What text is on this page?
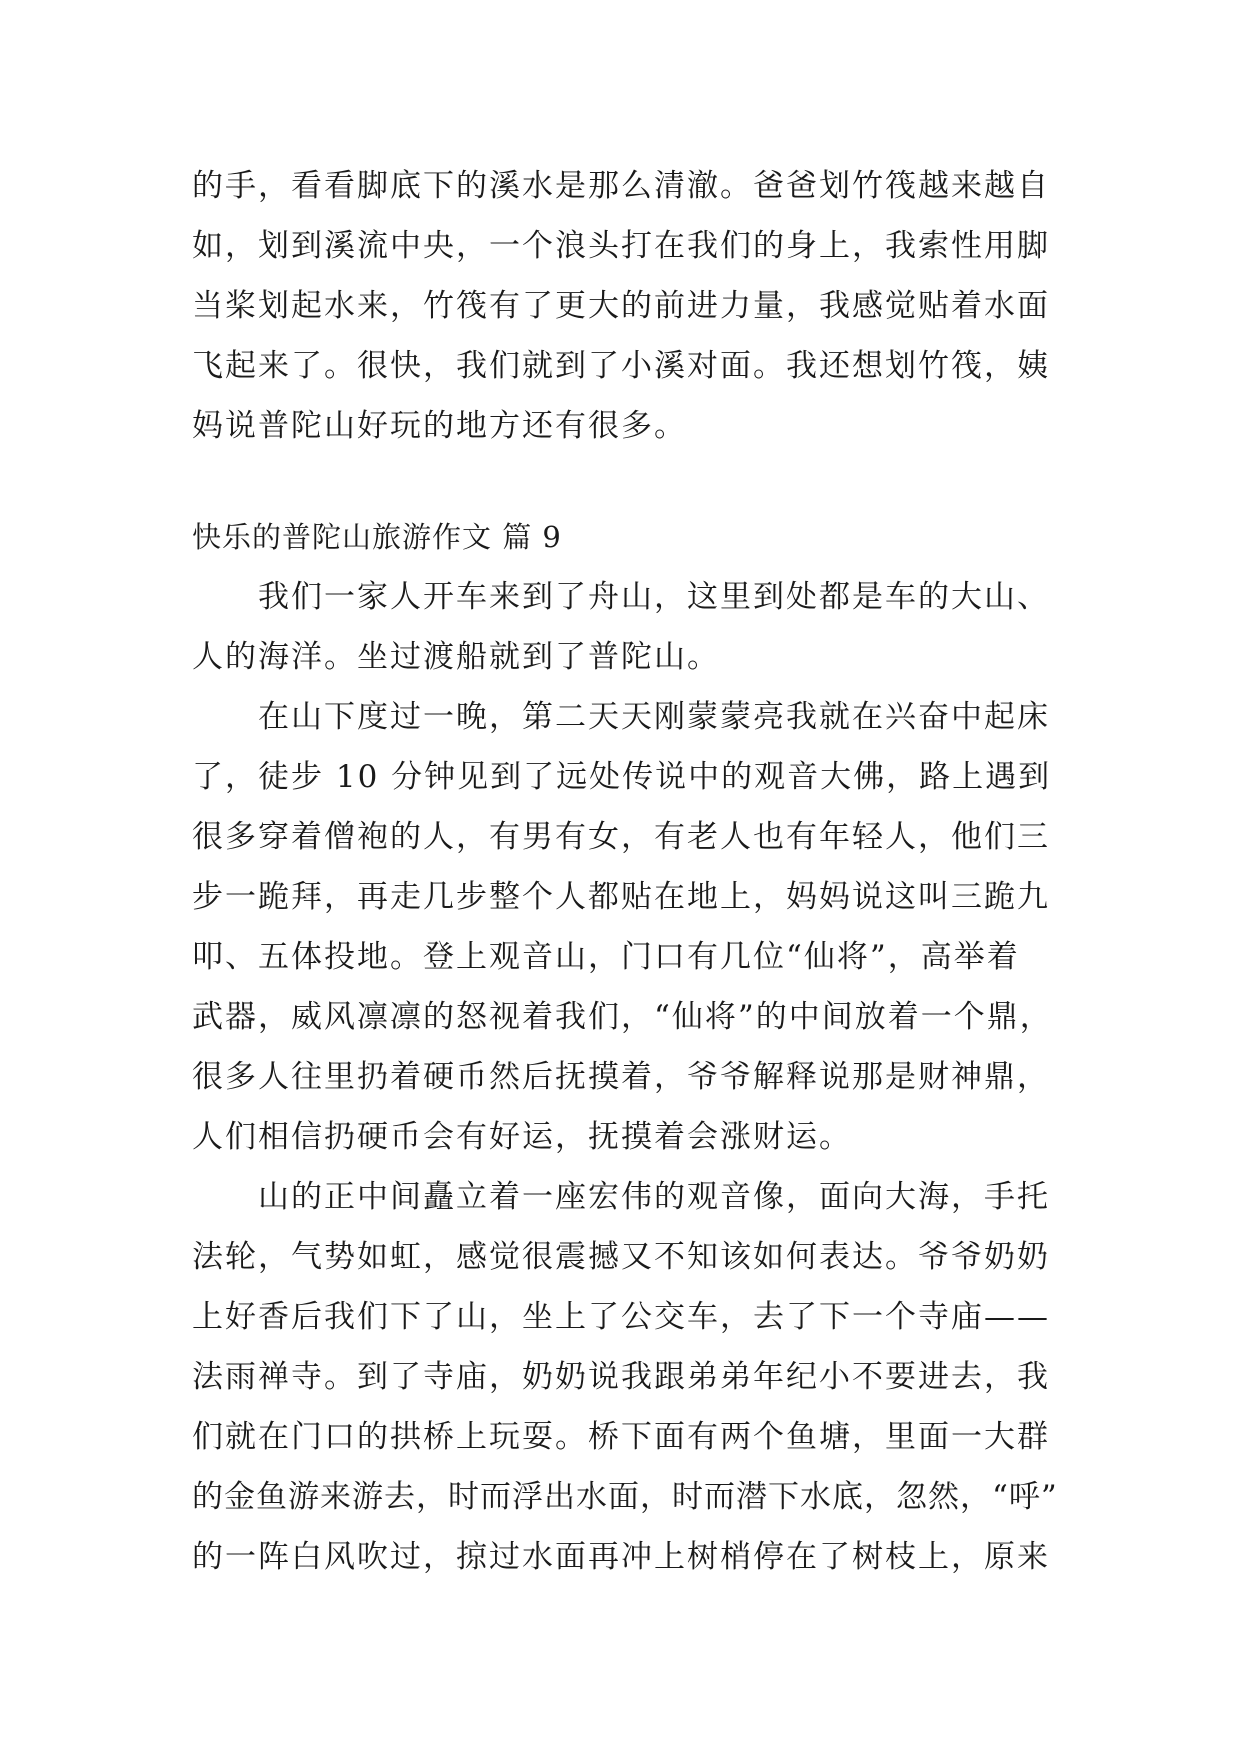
的手，看看脚底下的溪水是那么清澈。爸爸划竹筏越来越自
如，划到溪流中央，一个浪头打在我们的身上，我索性用脚
当桨划起水来，竹筏有了更大的前进力量，我感觉贴着水面
飞起来了。很快，我们就到了小溪对面。我还想划竹筏，姨
妈说普陀山好玩的地方还有很多。
快乐的普陀山旅游作文 篇 9
我们一家人开车来到了舟山，这里到处都是车的大山、
人的海洋。坐过渡船就到了普陀山。
在山下度过一晚，第二天天刚蒙蒙亮我就在兴奋中起床
了，徒步 10 分钟见到了远处传说中的观音大佛，路上遇到
很多穿着僧袍的人，有男有女，有老人也有年轻人，他们三
步一跪拜，再走几步整个人都贴在地上，妈妈说这叫三跪九
叩、五体投地。登上观音山，门口有几位“仙将”，高举着
武器，威风凛凛的怒视着我们，“仙将”的中间放着一个鼎，
很多人往里扔着硬币然后抚摸着，爷爷解释说那是财神鼎，
人们相信扔硬币会有好运，抚摸着会涨财运。
山的正中间矗立着一座宏伟的观音像，面向大海，手托
法轮，气势如虹，感觉很震撼又不知该如何表达。爷爷奶奶
上好香后我们下了山，坐上了公交车，去了下一个寺庙——
法雨禅寺。到了寺庙，奶奶说我跟弟弟年纪小不要进去，我
们就在门口的拱桥上玩耍。桥下面有两个鱼塘，里面一大群
的金鱼游来游去，时而浮出水面，时而潜下水底，忽然，“呼”
的一阵白风吹过，掠过水面再冲上树梢停在了树枝上，原来
